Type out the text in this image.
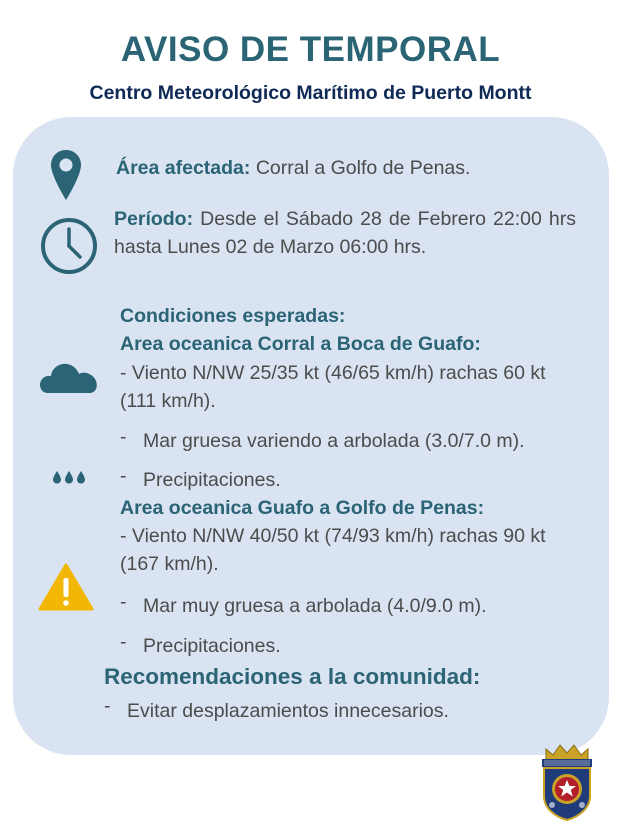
AVISO DE TEMPORAL
Centro Meteorológico Marítimo de Puerto Montt
Área afectada: Corral a Golfo de Penas.
Período: Desde el Sábado 28 de Febrero 22:00 hrs hasta Lunes 02 de Marzo 06:00 hrs.
Condiciones esperadas:
Area oceanica Corral a Boca de Guafo:
- Viento N/NW 25/35 kt (46/65 km/h) rachas 60 kt (111 km/h).
- Mar gruesa variendo a arbolada (3.0/7.0 m).
- Precipitaciones.
Area oceanica Guafo a Golfo de Penas:
- Viento N/NW 40/50 kt (74/93 km/h) rachas 90 kt (167 km/h).
- Mar muy gruesa a arbolada (4.0/9.0 m).
- Precipitaciones.
Recomendaciones a la comunidad:
- Evitar desplazamientos innecesarios.
